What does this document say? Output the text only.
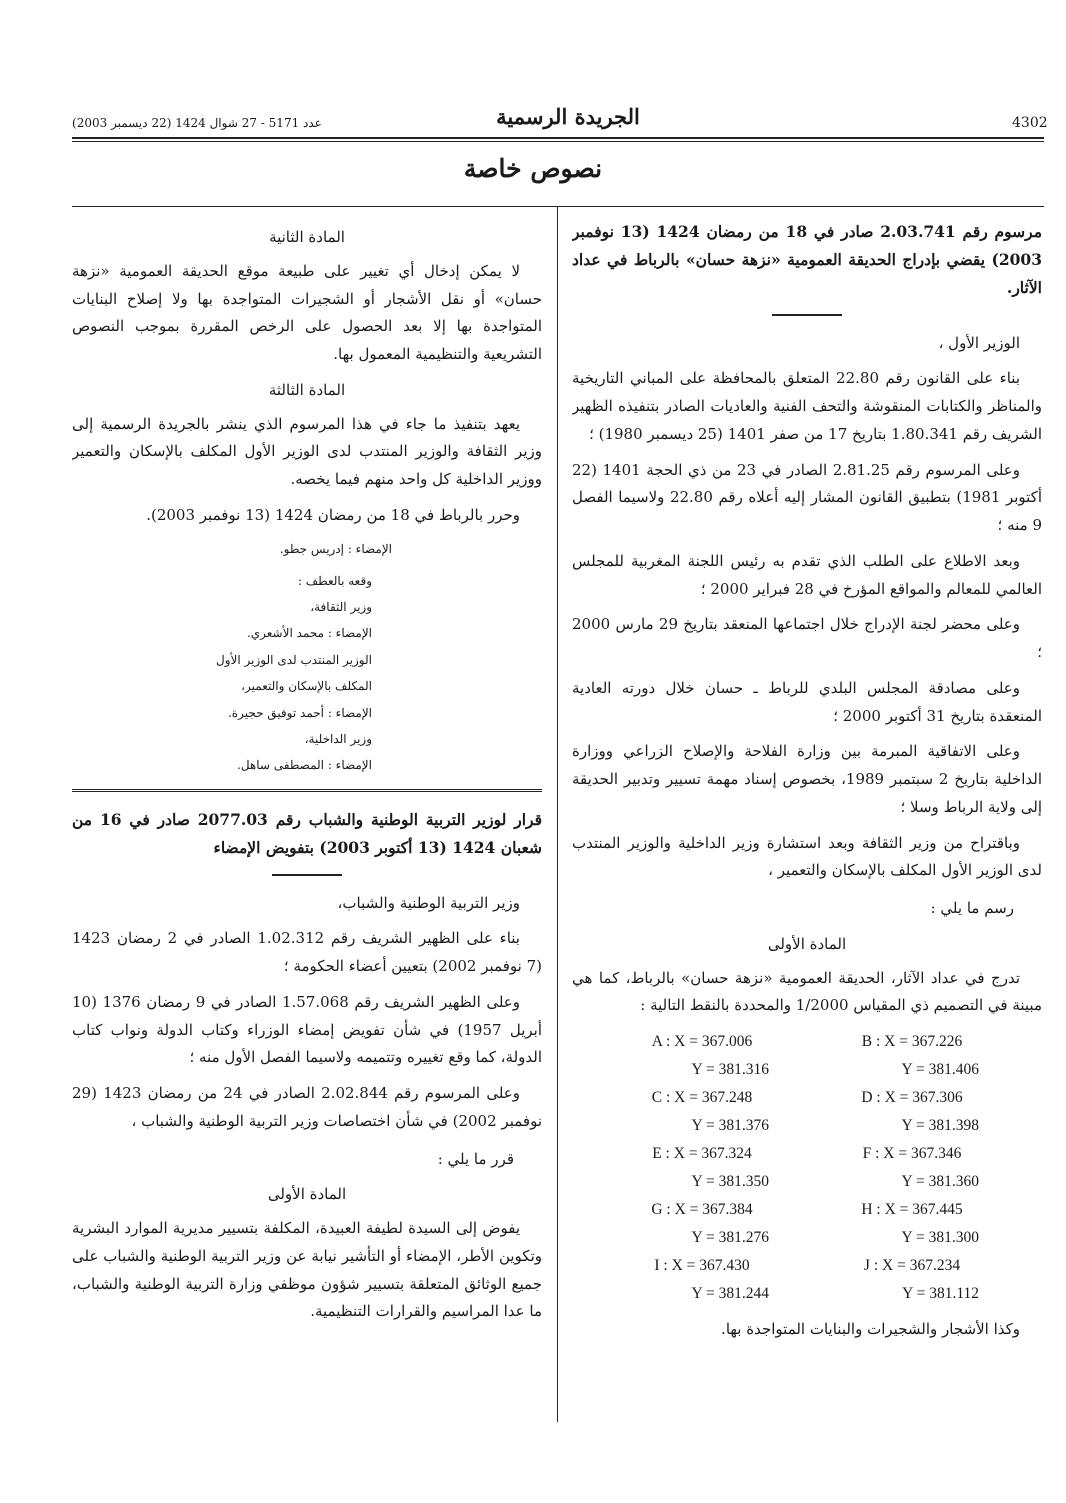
4302
الجريدة الرسمية
عدد 5171 - 27 شوال 1424 (22 ديسمبر 2003)
نصوص خاصة
مرسوم رقم 2.03.741 صادر في 18 من رمضان 1424 (13 نوفمبر 2003) يقضي بإدراج الحديقة العمومية «نزهة حسان» بالرباط في عداد الآثار.
الوزير الأول ،
بناء على القانون رقم 22.80 المتعلق بالمحافظة على المباني التاريخية والمناظر والكتابات المنقوشة والتحف الفنية والعاديات الصادر بتنفيذه الظهير الشريف رقم 1.80.341 بتاريخ 17 من صفر 1401 (25 ديسمبر 1980) ؛
وعلى المرسوم رقم 2.81.25 الصادر في 23 من ذي الحجة 1401 (22 أكتوبر 1981) بتطبيق القانون المشار إليه أعلاه رقم 22.80 ولاسيما الفصل 9 منه ؛
وبعد الاطلاع على الطلب الذي تقدم به رئيس اللجنة المغربية للمجلس العالمي للمعالم والمواقع المؤرخ في 28 فبراير 2000 ؛
وعلى محضر لجنة الإدراج خلال اجتماعها المنعقد بتاريخ 29 مارس 2000 ؛
وعلى مصادقة المجلس البلدي للرباط ـ حسان خلال دورته العادية المنعقدة بتاريخ 31 أكتوبر 2000 ؛
وعلى الاتفاقية المبرمة بين وزارة الفلاحة والإصلاح الزراعي ووزارة الداخلية بتاريخ 2 سبتمبر 1989، بخصوص إسناد مهمة تسيير وتدبير الحديقة إلى ولاية الرباط وسلا ؛
وباقتراح من وزير الثقافة وبعد استشارة وزير الداخلية والوزير المنتدب لدى الوزير الأول المكلف بالإسكان والتعمير ،
رسم ما يلي :
المادة الأولى
تدرج في عداد الآثار، الحديقة العمومية «نزهة حسان» بالرباط، كما هي مبينة في التصميم ذي المقياس 1/2000 والمحددة بالنقط التالية :
A : X = 367.006	B : X = 367.226
Y = 381.316	Y = 381.406
C : X = 367.248	D : X = 367.306
Y = 381.376	Y = 381.398
E : X = 367.324	F : X = 367.346
Y = 381.350	Y = 381.360
G : X = 367.384	H : X = 367.445
Y = 381.276	Y = 381.300
I : X = 367.430	J : X = 367.234
Y = 381.244	Y = 381.112
وكذا الأشجار والشجيرات والبنايات المتواجدة بها.
المادة الثانية
لا يمكن إدخال أي تغيير على طبيعة موقع الحديقة العمومية «نزهة حسان» أو نقل الأشجار أو الشجيرات المتواجدة بها ولا إصلاح البنايات المتواجدة بها إلا بعد الحصول على الرخص المقررة بموجب النصوص التشريعية والتنظيمية المعمول بها.
المادة الثالثة
يعهد بتنفيذ ما جاء في هذا المرسوم الذي ينشر بالجريدة الرسمية إلى وزير الثقافة والوزير المنتدب لدى الوزير الأول المكلف بالإسكان والتعمير ووزير الداخلية كل واحد منهم فيما يخصه.
وحرر بالرباط في 18 من رمضان 1424 (13 نوفمبر 2003).
الإمضاء : إدريس جطو.
وقعه بالعطف :
وزير الثقافة،
الإمضاء : محمد الأشعري.
الوزير المنتدب لدى الوزير الأول
المكلف بالإسكان والتعمير،
الإمضاء : أحمد توفيق حجيرة.
وزير الداخلية،
الإمضاء : المصطفى ساهل.
قرار لوزير التربية الوطنية والشباب رقم 2077.03 صادر في 16 من شعبان 1424 (13 أكتوبر 2003) بتفويض الإمضاء
وزير التربية الوطنية والشباب،
بناء على الظهير الشريف رقم 1.02.312 الصادر في 2 رمضان 1423 (7 نوفمبر 2002) بتعيين أعضاء الحكومة ؛
وعلى الظهير الشريف رقم 1.57.068 الصادر في 9 رمضان 1376 (10 أبريل 1957) في شأن تفويض إمضاء الوزراء وكتاب الدولة ونواب كتاب الدولة، كما وقع تغييره وتتميمه ولاسيما الفصل الأول منه ؛
وعلى المرسوم رقم 2.02.844 الصادر في 24 من رمضان 1423 (29 نوفمبر 2002) في شأن اختصاصات وزير التربية الوطنية والشباب ،
قرر ما يلي :
المادة الأولى
يفوض إلى السيدة لطيفة العبيدة، المكلفة بتسيير مديرية الموارد البشرية وتكوين الأطر، الإمضاء أو التأشير نيابة عن وزير التربية الوطنية والشباب على جميع الوثائق المتعلقة بتسيير شؤون موظفي وزارة التربية الوطنية والشباب، ما عدا المراسيم والقرارات التنظيمية.
